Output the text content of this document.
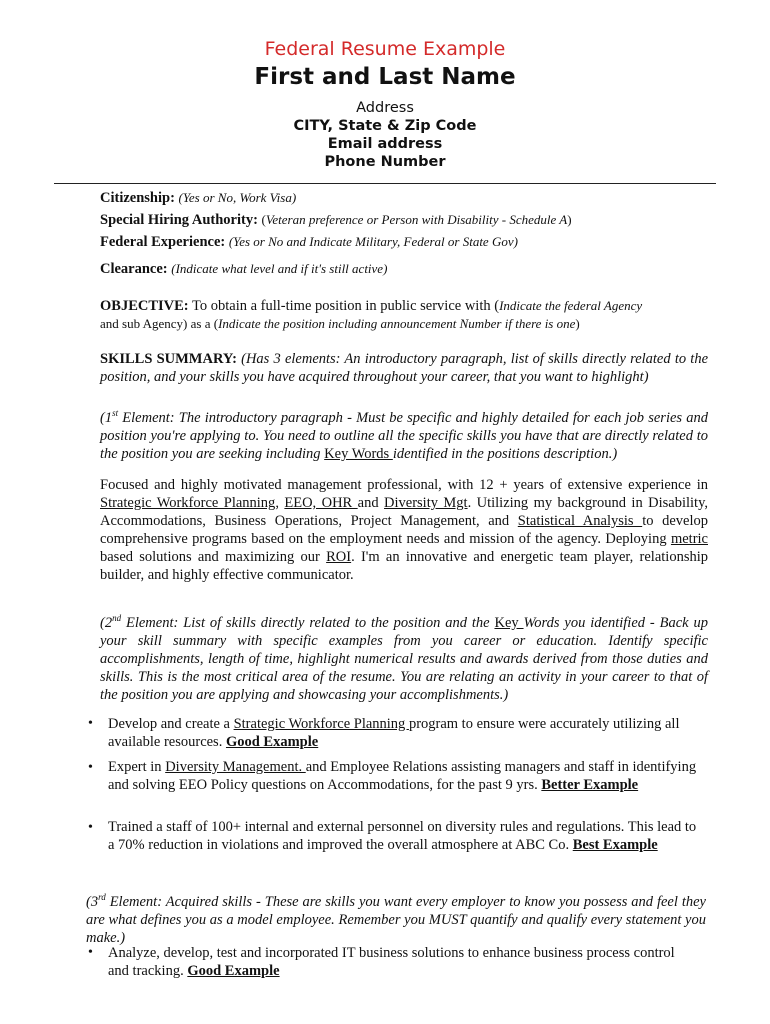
Federal Resume Example
First and Last Name
Address
CITY, State & Zip Code
Email address
Phone Number
Citizenship: (Yes or No, Work Visa)
Special Hiring Authority: (Veteran preference or Person with Disability - Schedule A)
Federal Experience: (Yes or No and Indicate Military, Federal or State Gov)
Clearance: (Indicate what level and if it's still active)
OBJECTIVE: To obtain a full-time position in public service with (Indicate the federal Agency
and sub Agency) as a (Indicate the position including announcement Number if there is one)
SKILLS SUMMARY: (Has 3 elements: An introductory paragraph, list of skills directly related to the position, and your skills you have acquired throughout your career, that you want to highlight)
(1st Element: The introductory paragraph - Must be specific and highly detailed for each job series and position you're applying to. You need to outline all the specific skills you have that are directly related to the position you are seeking including Key Words identified in the positions description.)
Focused and highly motivated management professional, with 12 + years of extensive experience in Strategic Workforce Planning, EEO, OHR and Diversity Mgt. Utilizing my background in Disability, Accommodations, Business Operations, Project Management, and Statistical Analysis to develop comprehensive programs based on the employment needs and mission of the agency. Deploying metric based solutions and maximizing our ROI. I'm an innovative and energetic team player, relationship builder, and highly effective communicator.
(2nd Element: List of skills directly related to the position and the Key Words you identified - Back up your skill summary with specific examples from you career or education. Identify specific accomplishments, length of time, highlight numerical results and awards derived from those duties and skills. This is the most critical area of the resume. You are relating an activity in your career to that of the position you are applying and showcasing your accomplishments.)
• Develop and create a Strategic Workforce Planning program to ensure were accurately utilizing all available resources. Good Example
• Expert in Diversity Management. and Employee Relations assisting managers and staff in identifying and solving EEO Policy questions on Accommodations, for the past 9 yrs. Better Example
• Trained a staff of 100+ internal and external personnel on diversity rules and regulations. This lead to a 70% reduction in violations and improved the overall atmosphere at ABC Co. Best Example
(3rd Element: Acquired skills - These are skills you want every employer to know you possess and feel they are what defines you as a model employee. Remember you MUST quantify and qualify every statement you make.)
• Analyze, develop, test and incorporated IT business solutions to enhance business process control and tracking. Good Example
